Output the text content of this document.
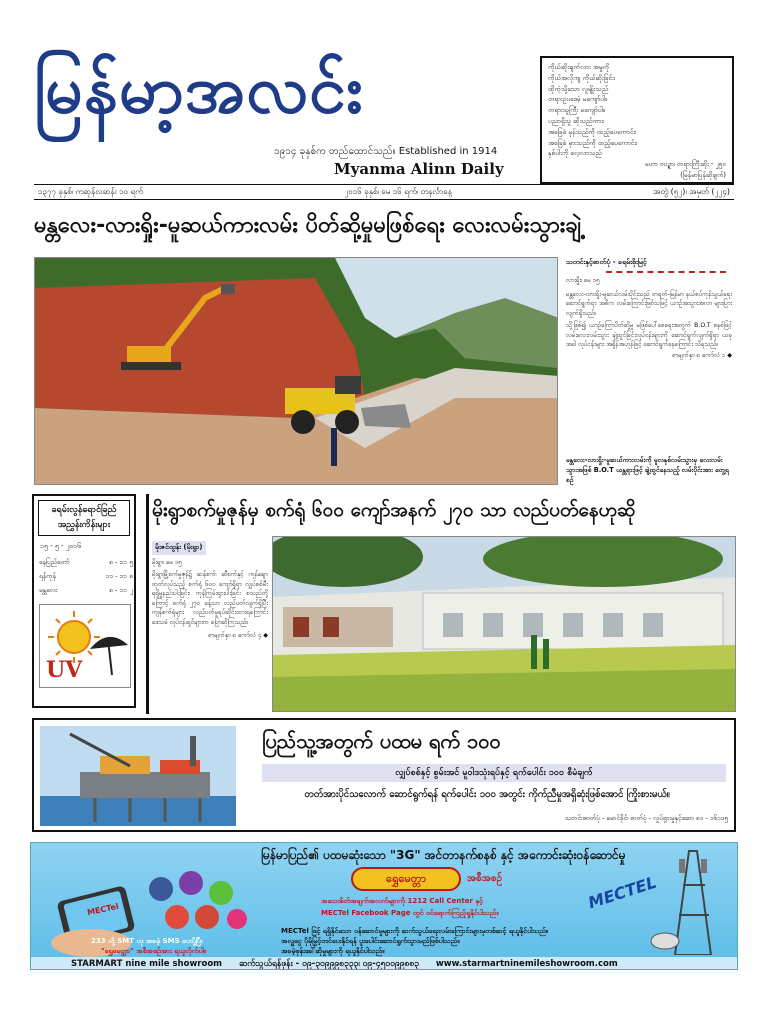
မြန်မာ့အလင်း
၁၉၁၄ ခုနှစ်က တည်ထောင်သည်။ Established in 1914
Myanma Alinn Daily
ကိုယ်ဆိုးချက်လား အမူကို
ကိုယ်အလိုကျ ကိုယ်ဆိုးခြင်း၊
ထိုကဲ့သို့သော လူမျိုးသည်
တရားဥပဒေမဲ့ မကျော်ပါ။
တရားသူကြီး မကျော်ပါ။
ပညာရှိသူ ဆိုသည်ကား၊
အခြေခံ မှန်သည်ကို ထည့်ပေကောင်း၊
အခြေခံ မှားသည်ကို ထည့်ပေကောင်း၊
နှစ်ပါးကို လေ့လာသည်
မဟာ ဗပဉ္စာ၊ တရားကြီးဆိုး - ၂၅၀
(မြန်မာပြန်ဆိုချက်)
၁၃၇၇ ခုနှစ်၊ ကဆုန်လဆန်း ၁၀ ရက်	၂၀၁၆ ခုနှစ်၊ မေ ၁၆ ရက်၊ တနင်္လာနေ့	အတွဲ (၅၂)၊ အမှတ် (၂၂၄)
မန္တလေး-လားရှိုး-မူဆယ်ကားလမ်း ပိတ်ဆို့မှုမဖြစ်ရေး လေးလမ်းသွားချဲ့
သတင်းနှင့်ဓာတ်ပုံ - ခရမ်းစိုးမြင့်
လားရှိုး၊ မေ ၁၅

မန္တလေး-လားရှိုး-မူဆယ်လမ်းပိုင်းသည် တရုတ်-မြန်မာ နယ်စပ်ကုန်သွယ်ရေး ဆောင်ရွက်ရာ အဓိက လမ်းကြောင်းဖြစ်သဖြင့် ယာဉ်အသွားအလာ များပြားလျက်ရှိသည်။

သို့ဖြစ်၍ ယာဉ်ကြောပိတ်ဆို့မှု မဖြစ်ပေါ်စေရေးအတွက် B.O.T စနစ်ဖြင့် လမ်းလေးလမ်းသွား ချဲ့ထွင်ခြင်းလုပ်ငန်းများကို ဆောင်ရွက်လျက်ရှိရာ ယခုအခါ လုပ်ငန်းများ အရှိန်အဟုန်ဖြင့် ဆောင်ရွက်နေကြောင်း သိရသည်။

စာမျက်နှာ ၈ ကော်လံ ၁ ◆
မန္တလေး-လားရှိုး-မူဆယ်ကားလမ်းကို မူလနှစ်လမ်းသွားမှ လေးလမ်းသွားအဖြစ် B.O.T ယန္တရားဖြင့် ချဲ့ထွင်နေသည့် လမ်းပိုင်းအား တွေ့ရစဉ်
ခရမ်းလွန်ရောင်ခြည် အညွှန်းကိန်းများ
၁၅ - ၅ - ၂၀၁၆
နေပြည်တော်	၈ - ၁၁	၅
ရန်ကုန်	၁၁ - ၁၁	၈
မန္တလေး	၈ - ၁၁	၂
UV
မိုးရွာစက်မှုဇုန်မှ စက်ရုံ ၆၀၀ ကျော်အနက် ၂၇၀ သာ လည်ပတ်နေဟုဆို
မိုးဇင်ထွန်း (မိုးရွာ)
မိုးရွာ၊ မေ ၁၅

မိုးရွာမြို့စက်မှုဇုန်၌ ဆန်စက်၊ ဆီစက်နှင့် ကုန်ချောထုတ်လုပ်သည့် စက်ရုံ ၆၀၀ ကျော်ရှိရာ လျှပ်စစ်မီးရရှိမှုနည်းပါးခြင်း၊ ကုန်ကြမ်းရှားပါးခြင်း စသည်တို့ကြောင့် စက်ရုံ ၂၇၀ ခန့်သာ လည်ပတ်လျက်ရှိပြီး ကျန်စက်ရုံများ လည်ပတ်မှုရပ်ဆိုင်းထားရကြောင်း ဒေသခံ လုပ်ငန်းရှင်များက ပြောဆိုကြသည်။

စာမျက်နှာ ၈ ကော်လံ ၄ ◆
ပြည်သူ့အတွက် ပထမ ရက် ၁၀၀
လျှပ်စစ်နှင့် စွမ်းအင် မူဝါဒသုံးရပ်နှင့် ရက်ပေါင်း ၁၀၀ စီမံချက်
တတ်အားပိုင်သလောက် ဆောင်ရွက်ရန် ရက်ပေါင်း ၁၀၀ အတွင်း ကိုက်ညီမှုအရှိဆုံးဖြစ်အောင် ကြိုးစားမယ်။
သတင်း၊ဓာတ်ပုံ - မောင်ခိုင်၊ ဓာတ်ပုံ - လှုပ်ရှားမှုနှင့်ဆော ၈၁ - ၁၆၁၁၅
MECTel
မြန်မာပြည်၏ ပထမဆုံးသော "3G" အင်တာနက်စနစ် နှင့် အကောင်းဆုံးဝန်ဆောင်မှု
ရွှေမေတ္တာ	အစီအစဉ်
အသေးစိတ်အချက်အလက်များကို 1212 Call Center နှင့်
MECTel Facebook Page တွင် ဝင်ရောက်ကြည့်ရှုနိုင်ပါသည်။
MECTel ဖြင့် ရရှိနိုင်သော ဝန်ဆောင်မှုများကို ဆက်သွယ်ရေးလမ်းကြောင်းများမှတစ်ဆင့် ရယူနိုင်ပါသည်။
အလှူငွေ ပိုမိုမြှင့်တင်ပေးနိုင်ရန် ပူးပေါင်းဆောင်ရွက်သွားမည်ဖြစ်ပါသည်။
အခမဲ့ဖုန်းခေါ်ဆိုမှုများကို ရယူနိုင်ပါသည်။
233 သို့ SMT ဟု အခမဲ့ SMS ပေးပို့ပြီး
"ရွှေမေတ္တာ" အစီအစဉ်အား ရယူလိုက်ပါ။
MECTEL
STARMART nine mile showroom ဆက်သွယ်ရန်ဖုန်း - ၀၉-၃၀၉၉၉၈၃၃၃၊ ၀၉-၄၅၀၀၉၉၈၈၃ www.starmartninemileshowroom.com
